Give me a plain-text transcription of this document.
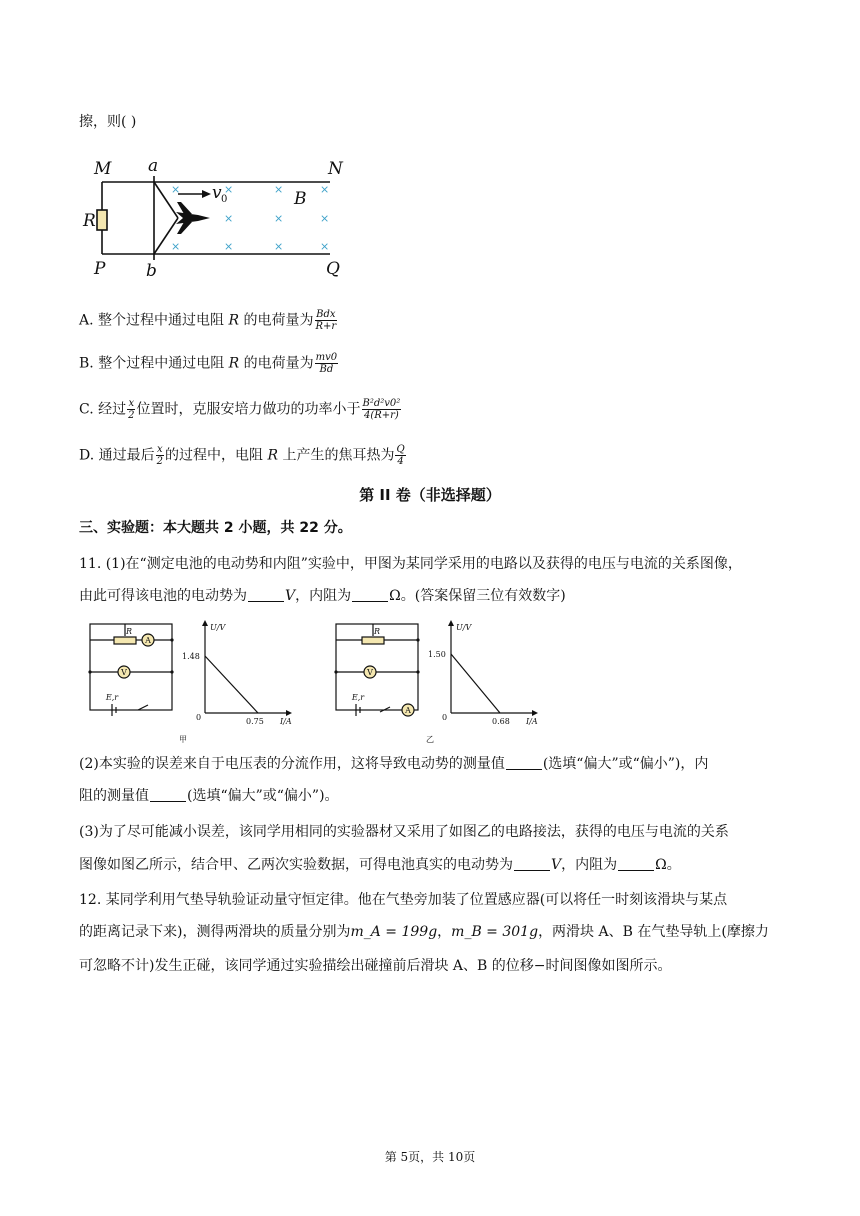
擦，则( )
×	×	×	×
×	×	×
×	×	×	×
M a	N
R
B
P b	Q
v 0
A. 整个过程中通过电阻 R 的电荷量为 $\frac{\text{Bdx}}{R+r}$
B. 整个过程中通过电阻 R 的电荷量为 $\frac{mv0}{Bd}$
C. 经过 $\frac{x}{2}$ 位置时，克服安培力做功的功率小于 $\frac{\text{B²d²v0²}}{4(R+r)}$
D. 通过最后 $\frac{x}{2}$ 的过程中，电阻 R 上产生的焦耳热为 $\frac{Q}{4}$
第 II 卷（非选择题）
三、实验题：本大题共 2 小题，共 22 分。
11. (1)在“测定电池的电动势和内阻”实验中，甲图为某同学采用的电路以及获得的电压与电流的关系图像，
由此可得该电池的电动势为	V，内阻为	Ω。(答案保留三位有效数字)
R
A
V
E,r
U/V
1.48
0	0.75 I/A
甲
R
A
V
E,r
U/V
1.50
0	0.68 I/A
乙
(2)本实验的误差来自于电压表的分流作用，这将导致电动势的测量值	(选填“偏大”或“偏小”)，内
阻的测量值	(选填“偏大”或“偏小”)。
(3)为了尽可能减小误差，该同学用相同的实验器材又采用了如图乙的电路接法，获得的电压与电流的关系
图像如图乙所示，结合甲、乙两次实验数据，可得电池真实的电动势为	V，内阻为	Ω。
12. 某同学利用气垫导轨验证动量守恒定律。他在气垫旁加装了位置感应器(可以将任一时刻该滑块与某点
的距离记录下来)，测得两滑块的质量分别为m_A = 199g，m_B = 301g，两滑块 A、B 在气垫导轨上(摩擦力
可忽略不计)发生正碰，该同学通过实验描绘出碰撞前后滑块 A、B 的位移−时间图像如图所示。
第 5页，共 10页
